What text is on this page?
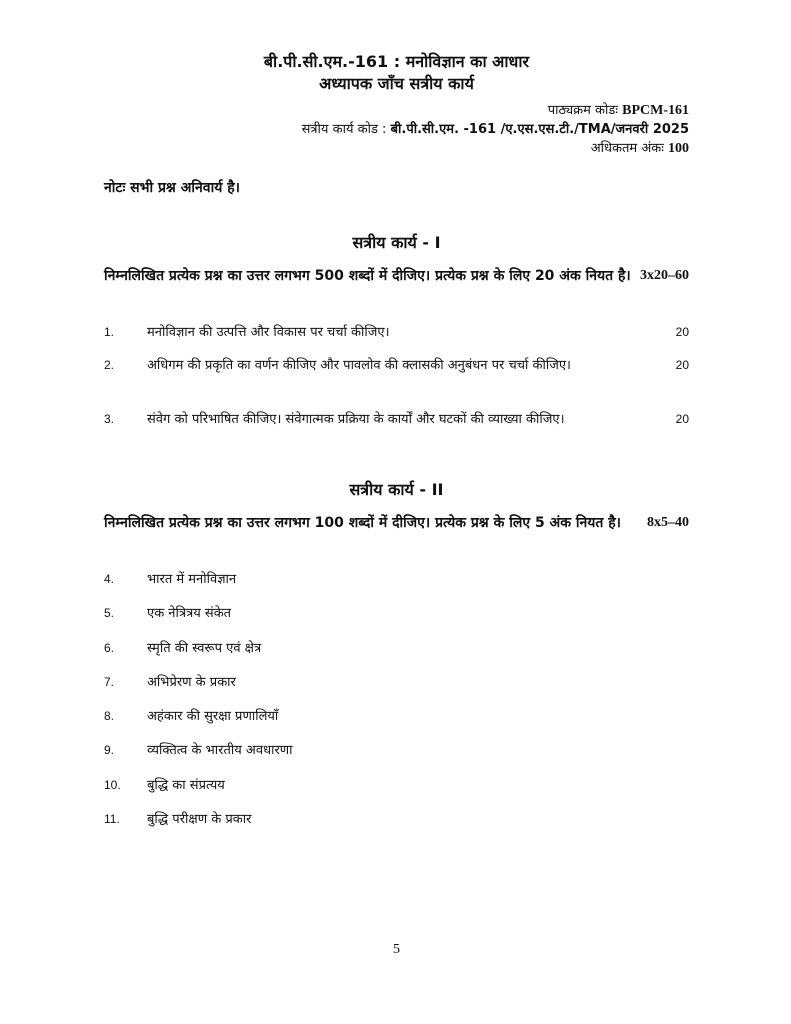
बी.पी.सी.एम.-161 : मनोविज्ञान का आधार
अध्यापक जाँच सत्रीय कार्य
पाठ्यक्रम कोडः BPCM-161
सत्रीय कार्य कोड : बी.पी.सी.एम. -161 /ए.एस.एस.टी./TMA/जनवरी 2025
अधिकतम अंकः 100
नोटः सभी प्रश्न अनिवार्य है।
सत्रीय कार्य - I
निम्नलिखित प्रत्येक प्रश्न का उत्तर लगभग 500 शब्दों में दीजिए। प्रत्येक प्रश्न के लिए 20 अंक नियत है। 3x20–60
1.	मनोविज्ञान की उत्पत्ति और विकास पर चर्चा कीजिए।	20
2.	अधिगम की प्रकृति का वर्णन कीजिए और पावलोव की क्लासकी अनुबंधन पर चर्चा कीजिए।	20
3.	संवेग को परिभाषित कीजिए। संवेगात्मक प्रक्रिया के कार्यों और घटकों की व्याख्या कीजिए।	20
सत्रीय कार्य - II
निम्नलिखित प्रत्येक प्रश्न का उत्तर लगभग 100 शब्दों में दीजिए। प्रत्येक प्रश्न के लिए 5 अंक नियत है। 8x5–40
4.	भारत में मनोविज्ञान
5.	एक नेत्रित्रय संकेत
6.	स्मृति की स्वरूप एवं क्षेत्र
7.	अभिप्रेरण के प्रकार
8.	अहंकार की सुरक्षा प्रणालियाँ
9.	व्यक्तित्व के भारतीय अवधारणा
10.	बुद्धि का संप्रत्यय
11.	बुद्धि परीक्षण के प्रकार
5
